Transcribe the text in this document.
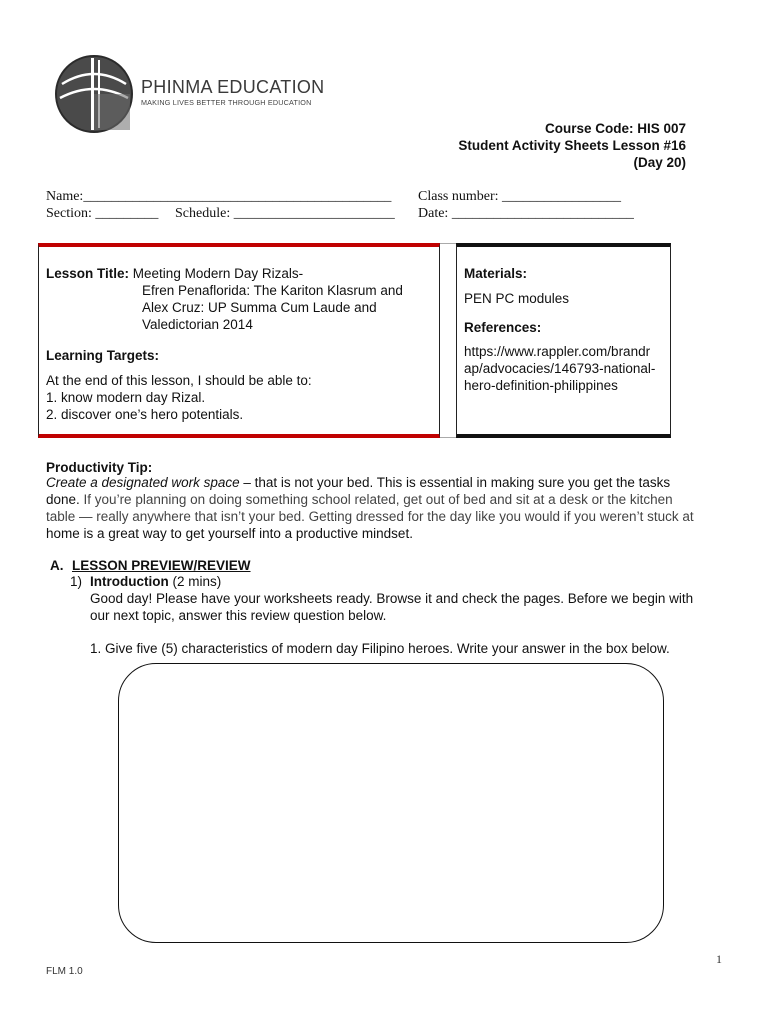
PHINMA EDUCATION
MAKING LIVES BETTER THROUGH EDUCATION
Course Code: HIS 007
Student Activity Sheets Lesson #16
(Day 20)
Name:____________________________________________ Class number: _________________
Section: _________ Schedule: _______________________ Date: __________________________
Lesson Title: Meeting Modern Day Rizals-
Efren Penaflorida: The Kariton Klasrum and
Alex Cruz: UP Summa Cum Laude and
Valedictorian 2014
Learning Targets:
At the end of this lesson, I should be able to:
1. know modern day Rizal.
2. discover one’s hero potentials.
Materials:
PEN PC modules
References:
https://www.rappler.com/brandr
ap/advocacies/146793-national-
hero-definition-philippines
Productivity Tip:
Create a designated work space – that is not your bed. This is essential in making sure you get the tasks
done. If you’re planning on doing something school related, get out of bed and sit at a desk or the kitchen
table — really anywhere that isn’t your bed. Getting dressed for the day like you would if you weren’t stuck at
home is a great way to get yourself into a productive mindset.
A. LESSON PREVIEW/REVIEW
1) Introduction (2 mins)
Good day! Please have your worksheets ready. Browse it and check the pages. Before we begin with
our next topic, answer this review question below.
1. Give five (5) characteristics of modern day Filipino heroes. Write your answer in the box below.
1
FLM 1.0
